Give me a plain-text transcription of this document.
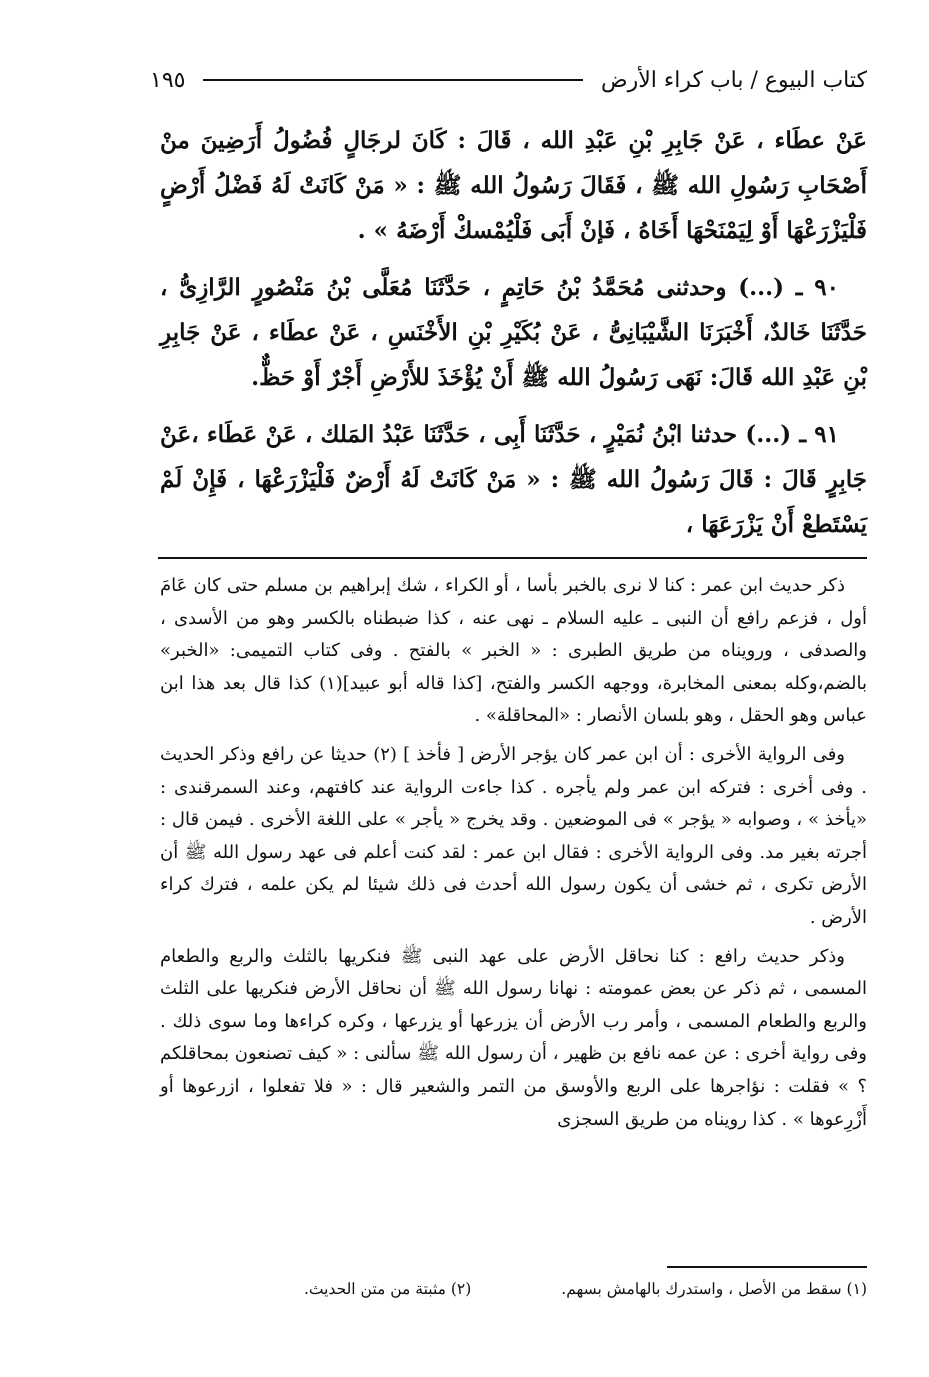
كتاب البيوع / باب كراء الأرض
١٩٥

عَنْ عطَاء ، عَنْ جَابِرِ بْنِ عَبْدِ الله ، قَالَ : كَانَ لرجَالٍ فُضُولُ أَرَضِينَ منْ أَصْحَابِ رَسُولِ الله ﷺ ، فَقَالَ رَسُولُ الله ﷺ : « مَنْ كَانَتْ لَهُ فَضْلُ أَرْضٍ فَلْيَزْرَعْهَا أَوْ لِيَمْنَحْهَا أَخَاهُ ، فَإنْ أَبَى فَلْيُمْسكْ أَرْضَهُ » .

٩٠ ـ (...) وحدثنى مُحَمَّدُ بْنُ حَاتِمٍ ، حَدَّثَنَا مُعَلَّى بْنُ مَنْصُورٍ الرَّازِىُّ ، حَدَّثَنَا خَالدٌ، أَخْبَرَنَا الشَّيْبَانِىُّ ، عَنْ بُكَيْرِ بْنِ الأَخْنَسِ ، عَنْ عطَاء ، عَنْ جَابِرِ بْنِ عَبْدِ الله قَالَ: نَهَى رَسُولُ الله ﷺ أَنْ يُؤْخَذَ للأَرْضِ أَجْرٌ أَوْ حَظٌّ.

٩١ ـ (...) حدثنا ابْنُ نُمَيْرٍ ، حَدَّثَنَا أَبِى ، حَدَّثَنَا عَبْدُ المَلك ، عَنْ عَطَاء ،عَنْ جَابِرٍ قَالَ : قَالَ رَسُولُ الله ﷺ : « مَنْ كَانَتْ لَهُ أَرْضٌ فَلْيَزْرَعْهَا ، فَإِنْ لَمْ يَسْتَطعْ أَنْ يَزْرَعَهَا ،

ذكر حديث ابن عمر : كنا لا نرى بالخبر بأسا ، أو الكراء ، شك إبراهيم بن مسلم حتى كان عَامَ أول ، فزعم رافع أن النبى ـ عليه السلام ـ نهى عنه ، كذا ضبطناه بالكسر وهو من الأسدى ، والصدفى ، ورويناه من طريق الطبرى : « الخبر » بالفتح . وفى كتاب التميمى: «الخبر» بالضم،وكله بمعنى المخابرة، ووجهه الكسر والفتح، [كذا قاله أبو عبيد](١) كذا قال بعد هذا ابن عباس وهو الحقل ، وهو بلسان الأنصار : «المحاقلة» .

وفى الرواية الأخرى : أن ابن عمر كان يؤجر الأرض [ فأخذ ] (٢) حديثا عن رافع وذكر الحديث . وفى أخرى : فتركه ابن عمر ولم يأجره . كذا جاءت الرواية عند كافتهم، وعند السمرقندى : «يأخذ » ، وصوابه « يؤجر » فى الموضعين . وقد يخرج « يأجر » على اللغة الأخرى . فيمن قال : أجرته بغير مد. وفى الرواية الأخرى : فقال ابن عمر : لقد كنت أعلم فى عهد رسول الله ﷺ أن الأرض تكرى ، ثم خشى أن يكون رسول الله أحدث فى ذلك شيئا لم يكن علمه ، فترك كراء الأرض .

وذكر حديث رافع : كنا نحاقل الأرض على عهد النبى ﷺ فنكريها بالثلث والربع والطعام المسمى ، ثم ذكر عن بعض عمومته : نهانا رسول الله ﷺ أن نحاقل الأرض فنكريها على الثلث والربع والطعام المسمى ، وأمر رب الأرض أن يزرعها أو يزرعها ، وكره كراءها وما سوى ذلك . وفى رواية أخرى : عن عمه نافع بن ظهير ، أن رسول الله ﷺ سألنى : « كيف تصنعون بمحاقلكم ؟ » فقلت : نؤاجرها على الربع والأوسق من التمر والشعير قال : « فلا تفعلوا ، ازرعوها أو أَزْرِعوها » . كذا رويناه من طريق السجزى

(١) سقط من الأصل ، واستدرك بالهامش بسهم.
(٢) مثبتة من متن الحديث.
